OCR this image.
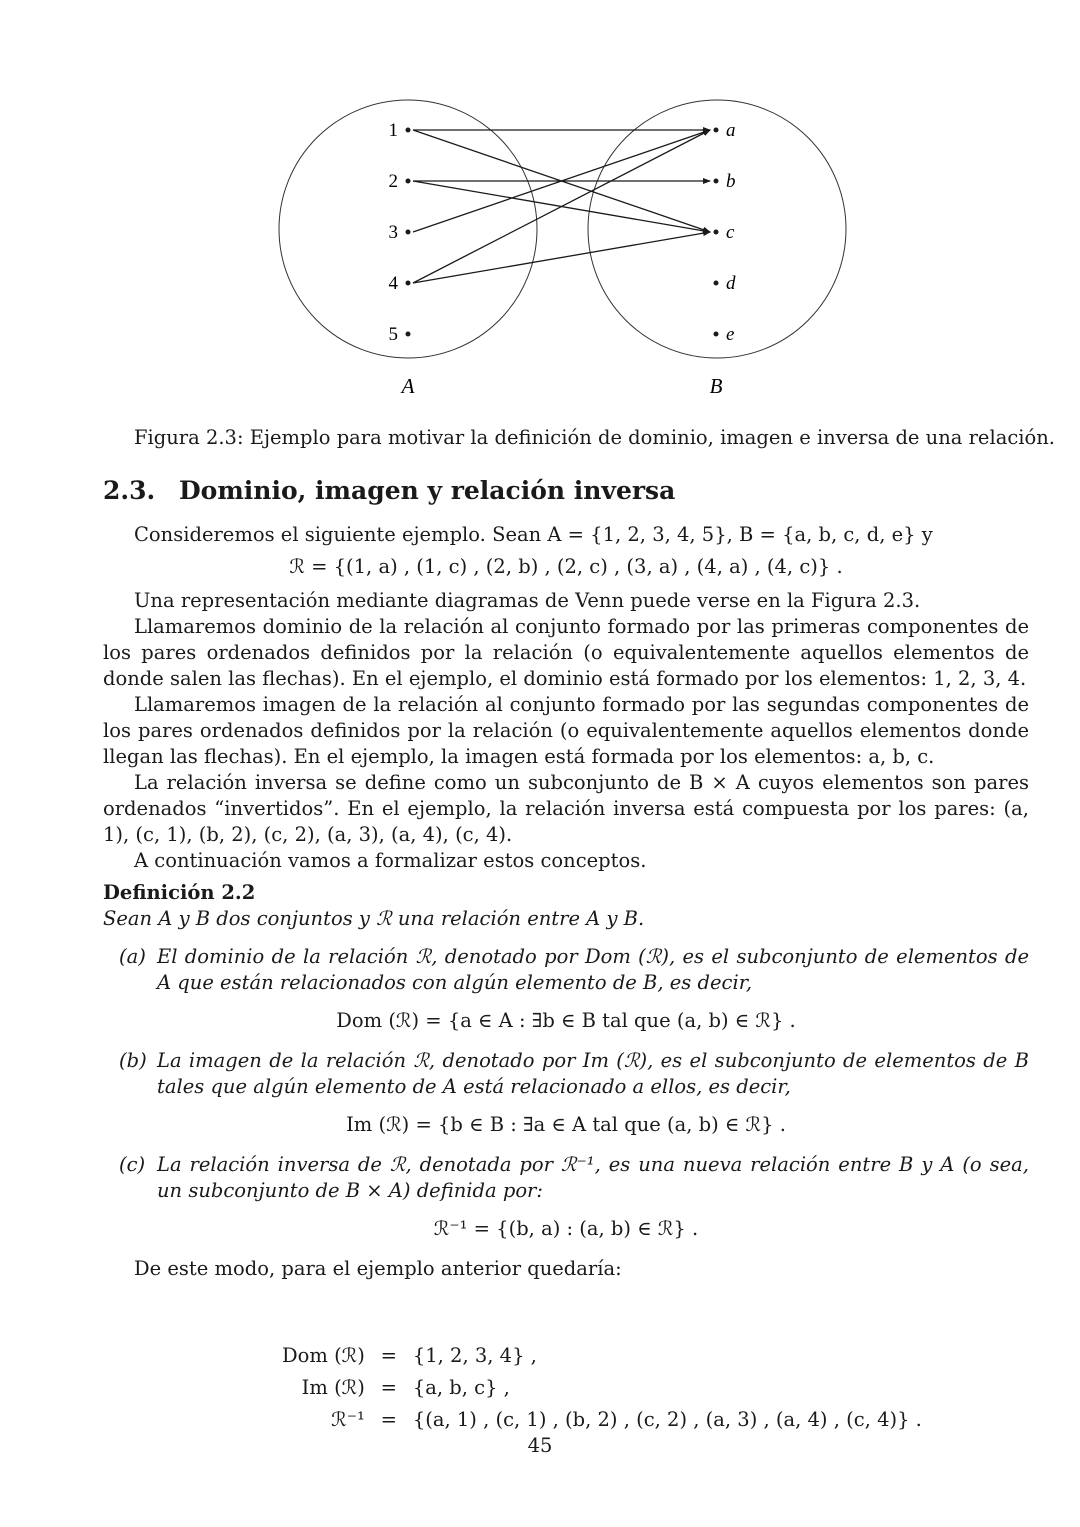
1
2
3
4
5
a
b
c
d
e
A	B
Figura 2.3: Ejemplo para motivar la definición de dominio, imagen e inversa de una relación.
2.3. Dominio, imagen y relación inversa
Consideremos el siguiente ejemplo. Sean A = {1, 2, 3, 4, 5}, B = {a, b, c, d, e} y
ℛ = {(1, a) , (1, c) , (2, b) , (2, c) , (3, a) , (4, a) , (4, c)} .
Una representación mediante diagramas de Venn puede verse en la Figura 2.3.
Llamaremos dominio de la relación al conjunto formado por las primeras componentes de los pares ordenados definidos por la relación (o equivalentemente aquellos elementos de donde salen las flechas). En el ejemplo, el dominio está formado por los elementos: 1, 2, 3, 4.
Llamaremos imagen de la relación al conjunto formado por las segundas componentes de los pares ordenados definidos por la relación (o equivalentemente aquellos elementos donde llegan las flechas). En el ejemplo, la imagen está formada por los elementos: a, b, c.
La relación inversa se define como un subconjunto de B × A cuyos elementos son pares ordenados “invertidos”. En el ejemplo, la relación inversa está compuesta por los pares: (a, 1), (c, 1), (b, 2), (c, 2), (a, 3), (a, 4), (c, 4).
A continuación vamos a formalizar estos conceptos.
Definición 2.2
Sean A y B dos conjuntos y ℛ una relación entre A y B.
(a) El dominio de la relación ℛ, denotado por Dom (ℛ), es el subconjunto de elementos de A que están relacionados con algún elemento de B, es decir,
Dom (ℛ) = {a ∈ A : ∃b ∈ B tal que (a, b) ∈ ℛ} .
(b) La imagen de la relación ℛ, denotado por Im (ℛ), es el subconjunto de elementos de B tales que algún elemento de A está relacionado a ellos, es decir,
Im (ℛ) = {b ∈ B : ∃a ∈ A tal que (a, b) ∈ ℛ} .
(c) La relación inversa de ℛ, denotada por ℛ⁻¹, es una nueva relación entre B y A (o sea, un subconjunto de B × A) definida por:
ℛ⁻¹ = {(b, a) : (a, b) ∈ ℛ} .
De este modo, para el ejemplo anterior quedaría:
Dom (ℛ)	=	{1, 2, 3, 4} ,
Im (ℛ)	=	{a, b, c} ,
ℛ⁻¹	=	{(a, 1) , (c, 1) , (b, 2) , (c, 2) , (a, 3) , (a, 4) , (c, 4)} .
45
